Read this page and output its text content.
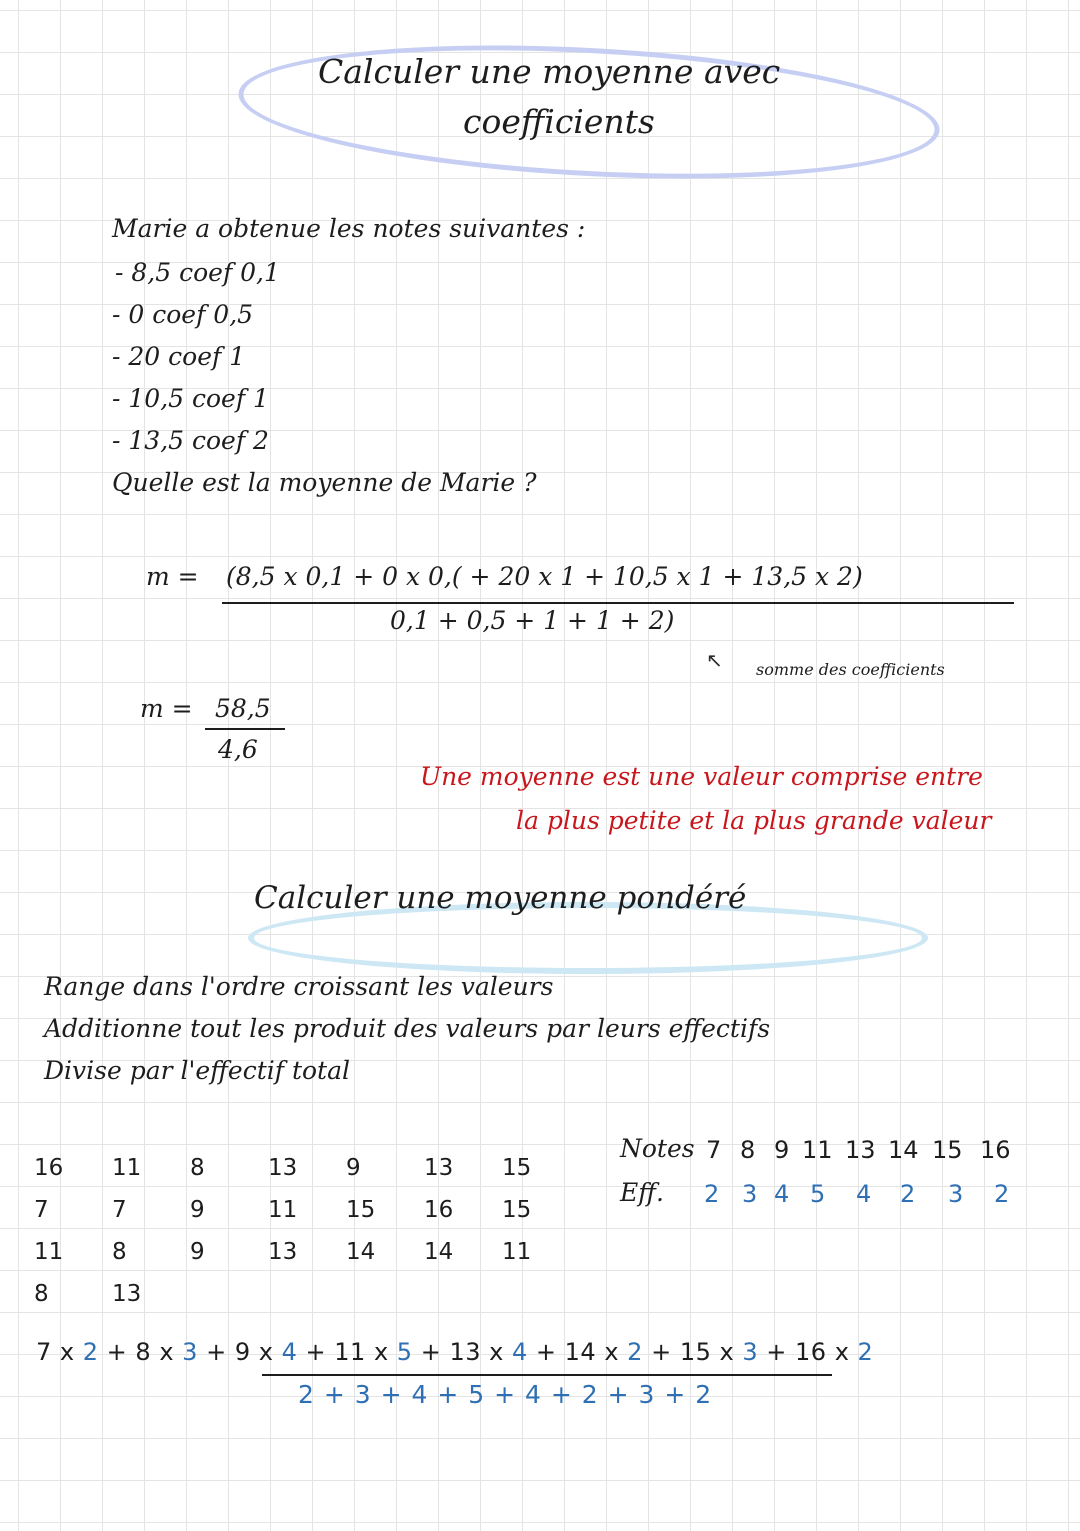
Calculer une moyenne avec
coefficients
Marie a obtenue les notes suivantes :
- 8,5 coef 0,1
- 0 coef 0,5
- 20 coef 1
- 10,5 coef 1
- 13,5 coef 2
Quelle est la moyenne de Marie ?
m = (8,5 x 0,1 + 0 x 0,( + 20 x 1 + 10,5 x 1 + 13,5 x 2)
0,1 + 0,5 + 1 + 1 + 2)
↖ somme des coefficients
m = 58,5
4,6
Une moyenne est une valeur comprise entre
la plus petite et la plus grande valeur
Calculer une moyenne pondéré
Range dans l'ordre croissant les valeurs
Additionne tout les produit des valeurs par leurs effectifs
Divise par l'effectif total
16	11	8	13	9	13	15
7	7	9	11	15	16	15
11	8	9	13	14	14	11
8	13
Notes 7 8 9 11 13 14 15 16
Eff. 2 3 4 5 4 2 3 2
7 x 2 + 8 x 3 + 9 x 4 + 11 x 5 + 13 x 4 + 14 x 2 + 15 x 3 + 16 x 2
2 + 3 + 4 + 5 + 4 + 2 + 3 + 2
